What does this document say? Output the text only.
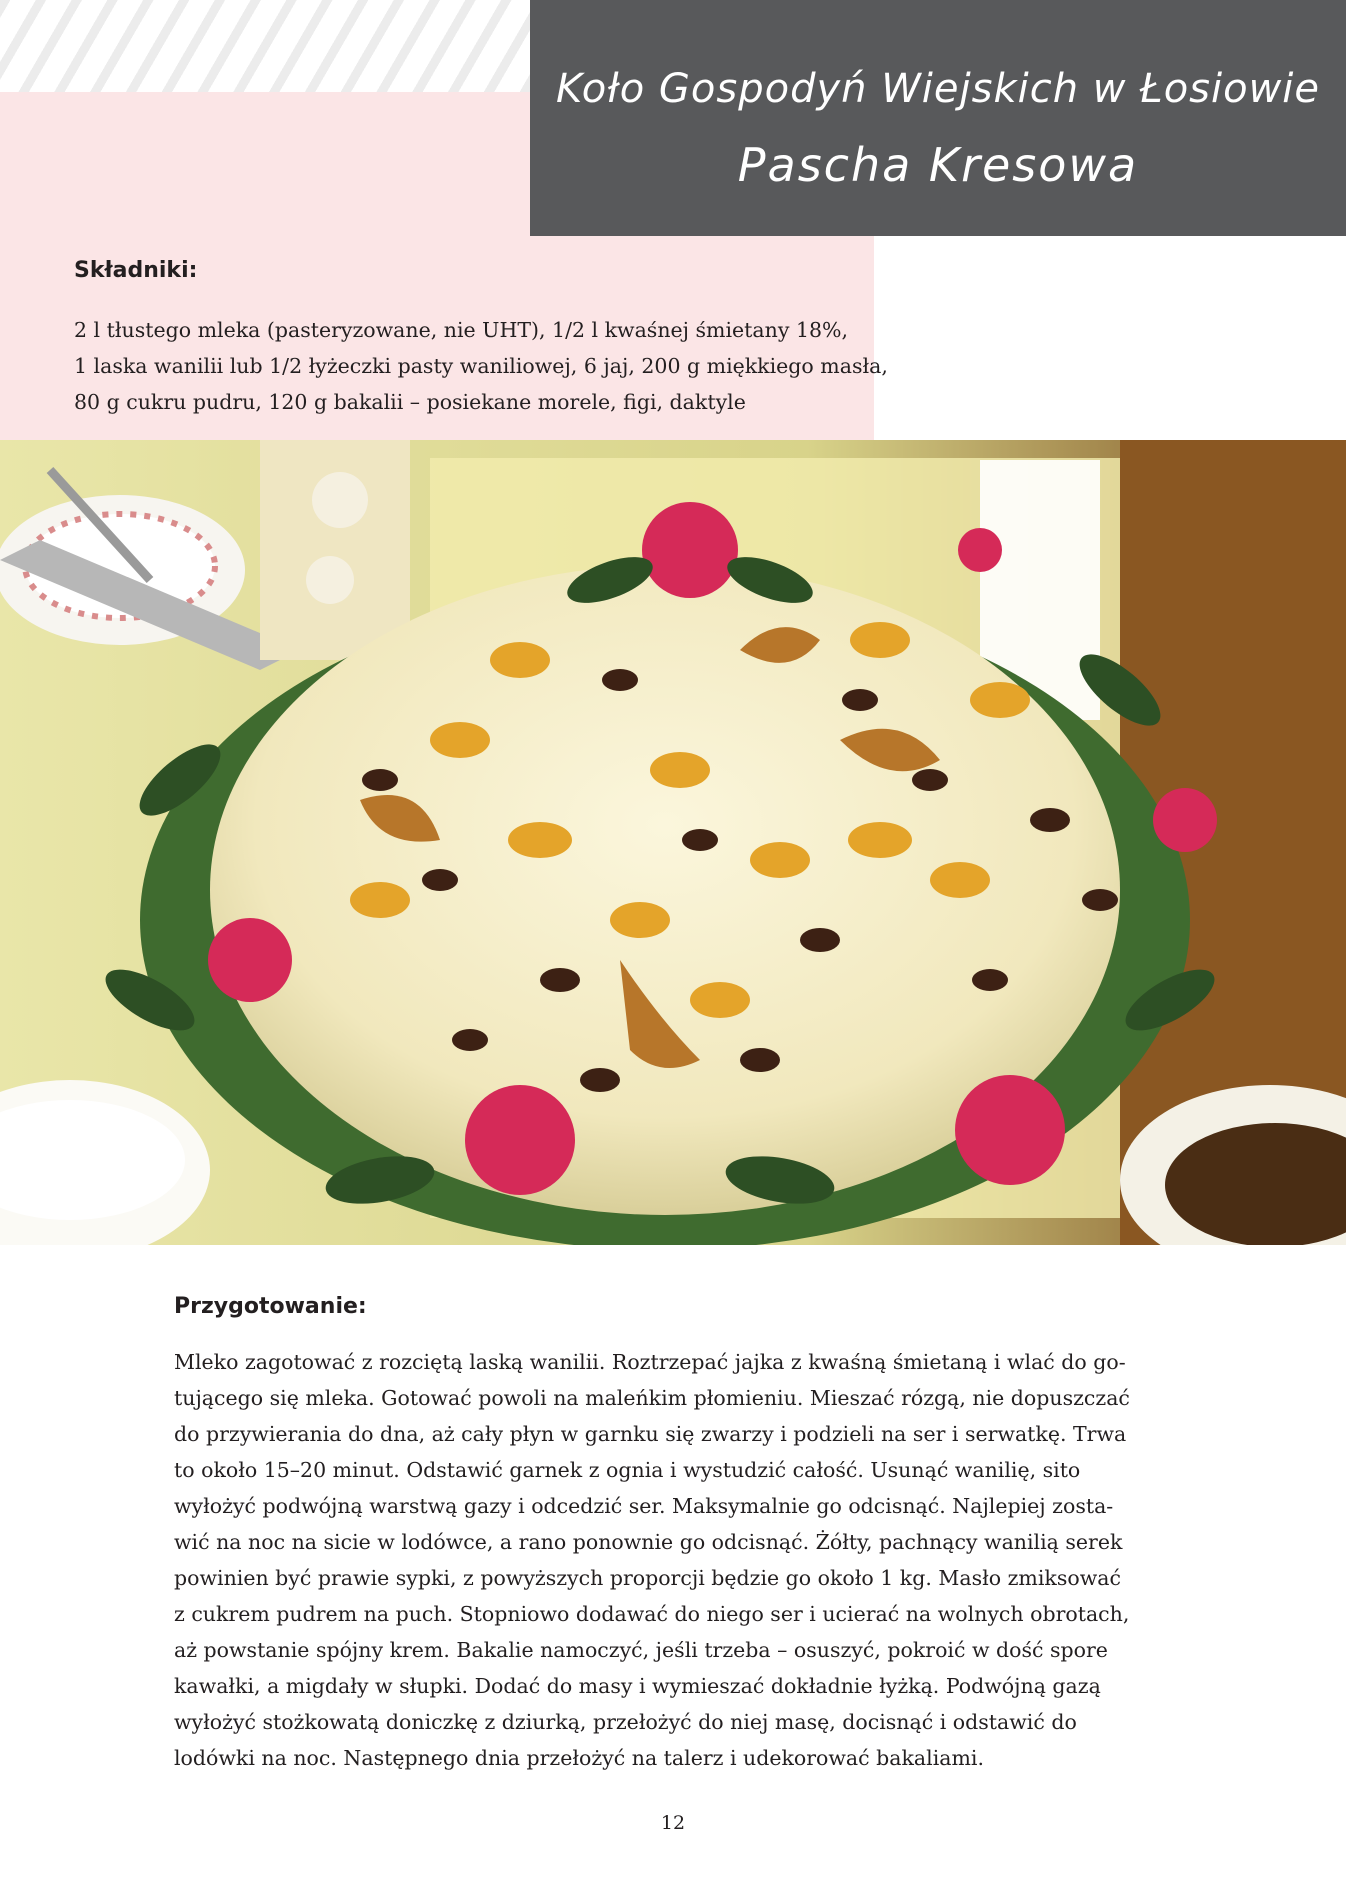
Koło Gospodyń Wiejskich w Łosiowie
Pascha Kresowa
Składniki:
2 l tłustego mleka (pasteryzowane, nie UHT), 1/2 l kwaśnej śmietany 18%,
1 laska wanilii lub 1/2 łyżeczki pasty waniliowej, 6 jaj, 200 g miękkiego masła,
80 g cukru pudru, 120 g bakalii – posiekane morele, figi, daktyle
Przygotowanie:
Mleko zagotować z rozciętą laską wanilii. Roztrzepać jajka z kwaśną śmietaną i wlać do go-
tującego się mleka. Gotować powoli na maleńkim płomieniu. Mieszać rózgą, nie dopuszczać
do przywierania do dna, aż cały płyn w garnku się zwarzy i podzieli na ser i serwatkę. Trwa
to około 15–20 minut. Odstawić garnek z ognia i wystudzić całość. Usunąć wanilię, sito
wyłożyć podwójną warstwą gazy i odcedzić ser. Maksymalnie go odcisnąć. Najlepiej zosta-
wić na noc na sicie w lodówce, a rano ponownie go odcisnąć. Żółty, pachnący wanilią serek
powinien być prawie sypki, z powyższych proporcji będzie go około 1 kg. Masło zmiksować
z cukrem pudrem na puch. Stopniowo dodawać do niego ser i ucierać na wolnych obrotach,
aż powstanie spójny krem. Bakalie namoczyć, jeśli trzeba – osuszyć, pokroić w dość spore
kawałki, a migdały w słupki. Dodać do masy i wymieszać dokładnie łyżką. Podwójną gazą
wyłożyć stożkowatą doniczkę z dziurką, przełożyć do niej masę, docisnąć i odstawić do
lodówki na noc. Następnego dnia przełożyć na talerz i udekorować bakaliami.
12
